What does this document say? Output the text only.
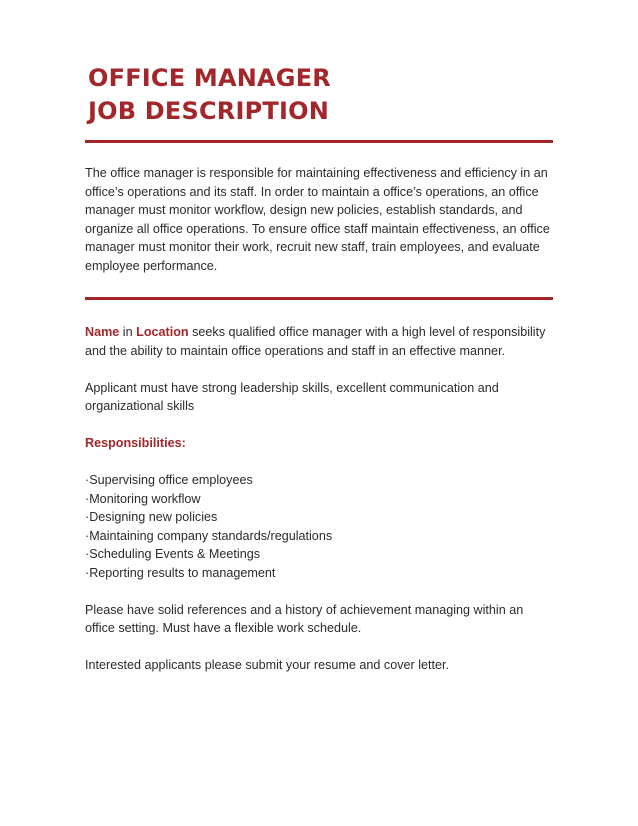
OFFICE MANAGER
JOB DESCRIPTION

The office manager is responsible for maintaining effectiveness and efficiency in an office’s operations and its staff. In order to maintain a office’s operations, an office manager must monitor workflow, design new policies, establish standards, and organize all office operations. To ensure office staff maintain effectiveness, an office manager must monitor their work, recruit new staff, train employees, and evaluate employee performance.

Name in Location seeks qualified office manager with a high level of responsibility and the ability to maintain office operations and staff in an effective manner.

Applicant must have strong leadership skills, excellent communication and organizational skills

Responsibilities:

·Supervising office employees
·Monitoring workflow
·Designing new policies
·Maintaining company standards/regulations
·Scheduling Events & Meetings
·Reporting results to management

Please have solid references and a history of achievement managing within an office setting. Must have a flexible work schedule.

Interested applicants please submit your resume and cover letter.
